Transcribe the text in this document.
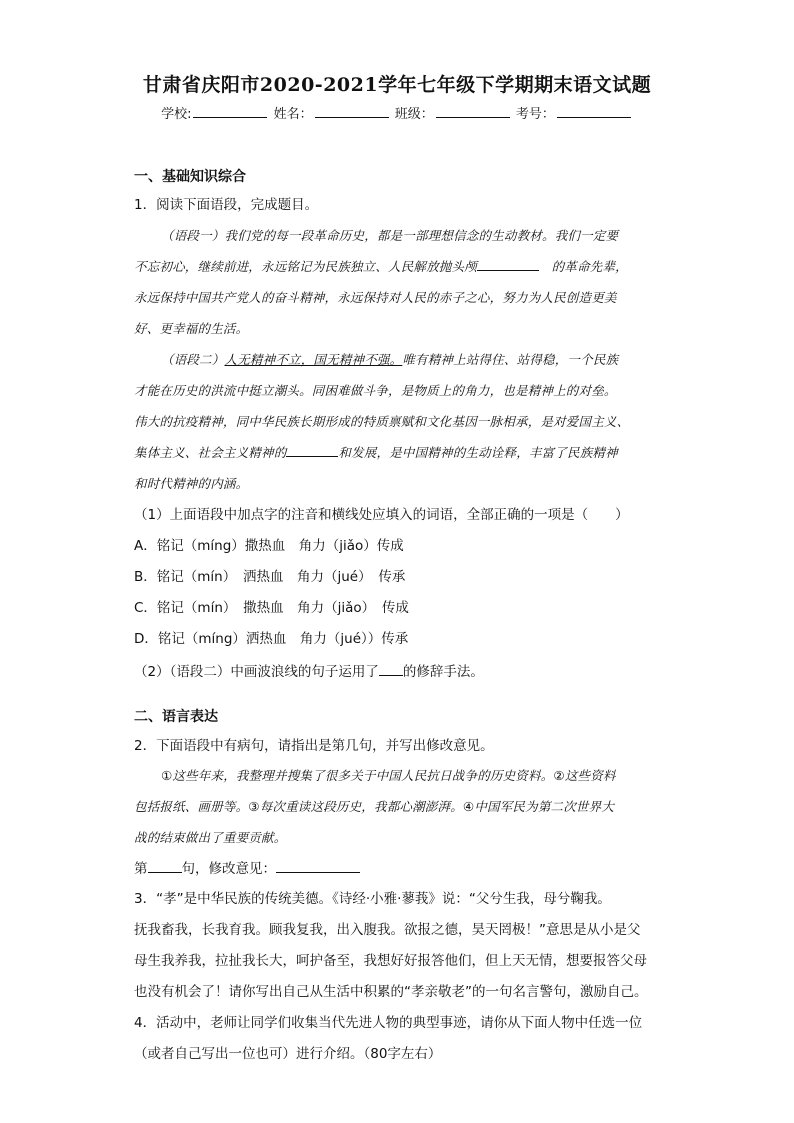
甘肃省庆阳市2020-2021学年七年级下学期期末语文试题
学校:	姓名：	班级：	考号：
一、基础知识综合
1．阅读下面语段，完成题目。

（语段一）我们党的每一段革命历史，都是一部理想信念的生动教材。我们一定要

不忘初心，继续前进，永远铭记为民族独立、人民解放抛头颅　	的革命先辈，

永远保持中国共产党人的奋斗精神，永远保持对人民的赤子之心，努力为人民创造更美

好、更幸福的生活。

（语段二）人无精神不立，国无精神不强。唯有精神上站得住、站得稳，一个民族

才能在历史的洪流中挺立潮头。同困难做斗争，是物质上的角力，也是精神上的对垒。

伟大的抗疫精神，同中华民族长期形成的特质禀赋和文化基因一脉相承，是对爱国主义、

集体主义、社会主义精神的	和发展，是中国精神的生动诠释，丰富了民族精神

和时代精神的内涵。

（1）上面语段中加点字的注音和横线处应填入的词语，全部正确的一项是（　　）
A．铭记（míng）撒热血　角力（jiǎo）传成
B．铭记（mín）　洒热血　角力（jué）　传承
C．铭记（mín）　撒热血　角力（jiǎo）　传成
D．铭记（míng）洒热血　角力（jué））传承
（2）（语段二）中画波浪线的句子运用了 的修辞手法。
二、语言表达
2．下面语段中有病句，请指出是第几句，并写出修改意见。

①这些年来，我整理并搜集了很多关于中国人民抗日战争的历史资料。②这些资料

包括报纸、画册等。③每次重读这段历史，我都心潮澎湃。④中国军民为第二次世界大

战的结束做出了重要贡献。

第	句，修改意见：

3．“孝”是中华民族的传统美德。《诗经·小雅·蓼莪》说：“父兮生我，母兮鞠我。

抚我畜我，长我育我。顾我复我，出入腹我。欲报之德，昊天罔极！”意思是从小是父

母生我养我，拉扯我长大，呵护备至，我想好好报答他们，但上天无情，想要报答父母

也没有机会了！请你写出自己从生活中积累的“孝亲敬老”的一句名言警句，激励自己。

4．活动中，老师让同学们收集当代先进人物的典型事迹，请你从下面人物中任选一位

（或者自己写出一位也可）进行介绍。（80字左右）
